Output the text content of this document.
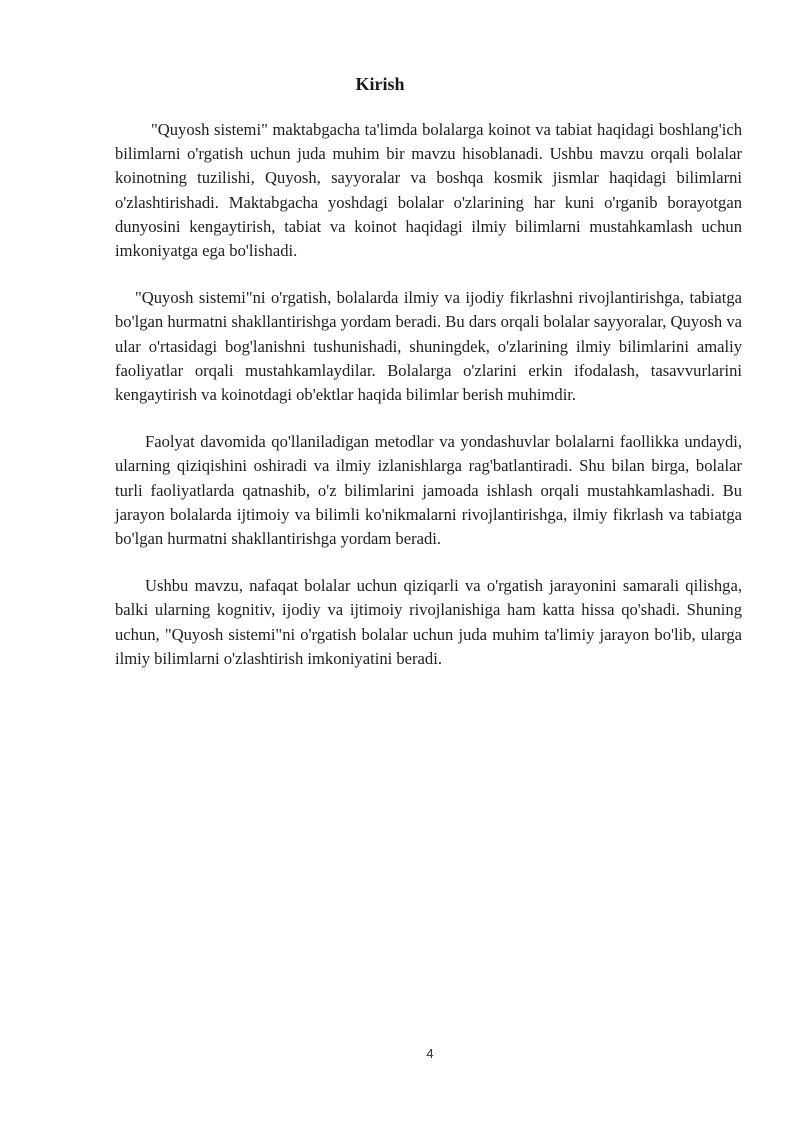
Kirish

"Quyosh sistemi" maktabgacha ta'limda bolalarga koinot va tabiat haqidagi boshlang'ich bilimlarni o'rgatish uchun juda muhim bir mavzu hisoblanadi. Ushbu mavzu orqali bolalar koinotning tuzilishi, Quyosh, sayyoralar va boshqa kosmik jismlar haqidagi bilimlarni o'zlashtirishadi. Maktabgacha yoshdagi bolalar o'zlarining har kuni o'rganib borayotgan dunyosini kengaytirish, tabiat va koinot haqidagi ilmiy bilimlarni mustahkamlash uchun imkoniyatga ega bo'lishadi.

"Quyosh sistemi"ni o'rgatish, bolalarda ilmiy va ijodiy fikrlashni rivojlantirishga, tabiatga bo'lgan hurmatni shakllantirishga yordam beradi. Bu dars orqali bolalar sayyoralar, Quyosh va ular o'rtasidagi bog'lanishni tushunishadi, shuningdek, o'zlarining ilmiy bilimlarini amaliy faoliyatlar orqali mustahkamlaydilar. Bolalarga o'zlarini erkin ifodalash, tasavvurlarini kengaytirish va koinotdagi ob'ektlar haqida bilimlar berish muhimdir.

Faolyat davomida qo'llaniladigan metodlar va yondashuvlar bolalarni faollikka undaydi, ularning qiziqishini oshiradi va ilmiy izlanishlarga rag'batlantiradi. Shu bilan birga, bolalar turli faoliyatlarda qatnashib, o'z bilimlarini jamoada ishlash orqali mustahkamlashadi. Bu jarayon bolalarda ijtimoiy va bilimli ko'nikmalarni rivojlantirishga, ilmiy fikrlash va tabiatga bo'lgan hurmatni shakllantirishga yordam beradi.

Ushbu mavzu, nafaqat bolalar uchun qiziqarli va o'rgatish jarayonini samarali qilishga, balki ularning kognitiv, ijodiy va ijtimoiy rivojlanishiga ham katta hissa qo'shadi. Shuning uchun, "Quyosh sistemi"ni o'rgatish bolalar uchun juda muhim ta'limiy jarayon bo'lib, ularga ilmiy bilimlarni o'zlashtirish imkoniyatini beradi.

4
